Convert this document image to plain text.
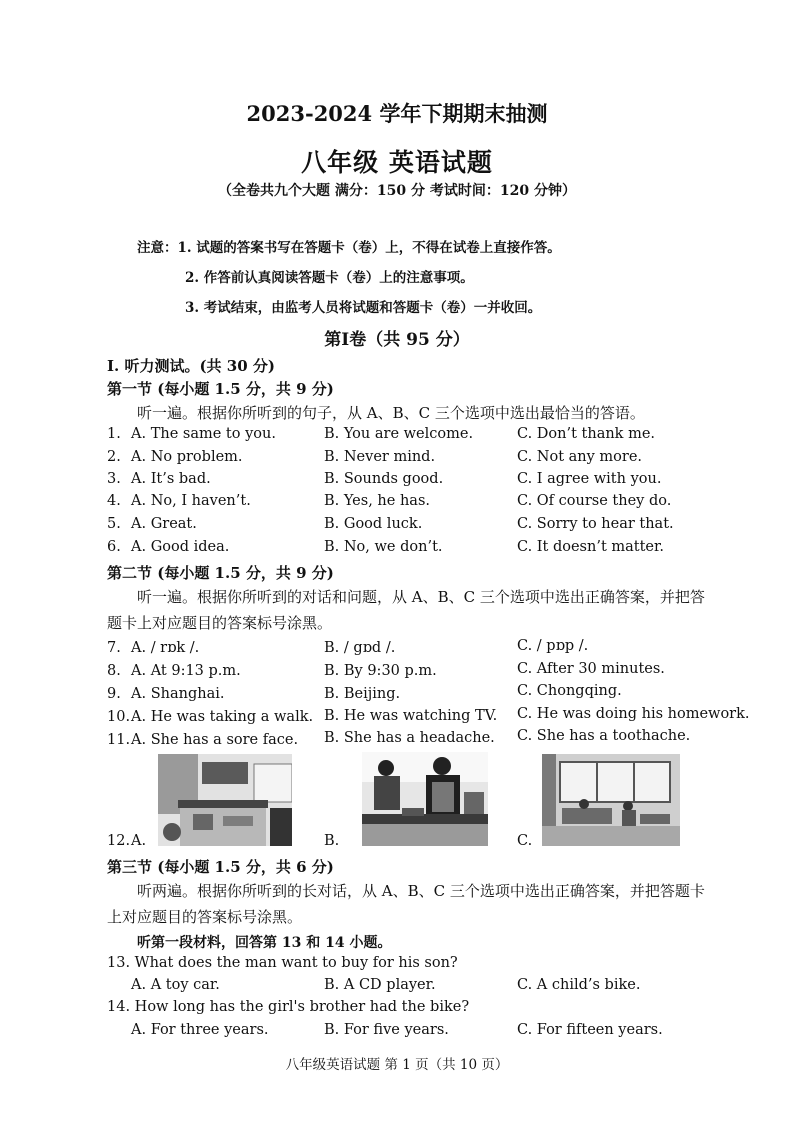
2023-2024 学年下期期末抽测
八年级 英语试题
（全卷共九个大题 满分：150 分 考试时间：120 分钟）
注意：1. 试题的答案书写在答题卡（卷）上，不得在试卷上直接作答。
2. 作答前认真阅读答题卡（卷）上的注意事项。
3. 考试结束，由监考人员将试题和答题卡（卷）一并收回。
第Ⅰ卷（共 95 分）
I. 听力测试。(共 30 分)
第一节 (每小题 1.5 分，共 9 分)
听一遍。根据你所听到的句子，从 A、B、C 三个选项中选出最恰当的答语。
1. A. The same to you.	B. You are welcome.	C. Don’t thank me.
2. A. No problem.	B. Never mind.	C. Not any more.
3. A. It’s bad.	B. Sounds good.	C. I agree with you.
4. A. No, I haven’t.	B. Yes, he has.	C. Of course they do.
5. A. Great.	B. Good luck.	C. Sorry to hear that.
6. A. Good idea.	B. No, we don’t.	C. It doesn’t matter.
第二节 (每小题 1.5 分，共 9 分)
听一遍。根据你所听到的对话和问题，从 A、B、C 三个选项中选出正确答案，并把答
题卡上对应题目的答案标号涂黑。
7. A. / rɒk /.	B. / gɒd /.	C. / pɒp /.
8. A. At 9:13 p.m.	B. By 9:30 p.m.	C. After 30 minutes.
9. A. Shanghai.	B. Beijing.	C. Chongqing.
10. A. He was taking a walk. B. He was watching TV. C. He was doing his homework.
11. A. She has a sore face. B. She has a headache. C. She has a toothache.
12. A.	B.	C.
第三节 (每小题 1.5 分，共 6 分)
听两遍。根据你所听到的长对话，从 A、B、C 三个选项中选出正确答案，并把答题卡
上对应题目的答案标号涂黑。
听第一段材料，回答第 13 和 14 小题。
13. What does the man want to buy for his son?
A. A toy car.	B. A CD player.	C. A child’s bike.
14. How long has the girl's brother had the bike?
A. For three years.	B. For five years.	C. For fifteen years.
八年级英语试题 第 1 页（共 10 页）
